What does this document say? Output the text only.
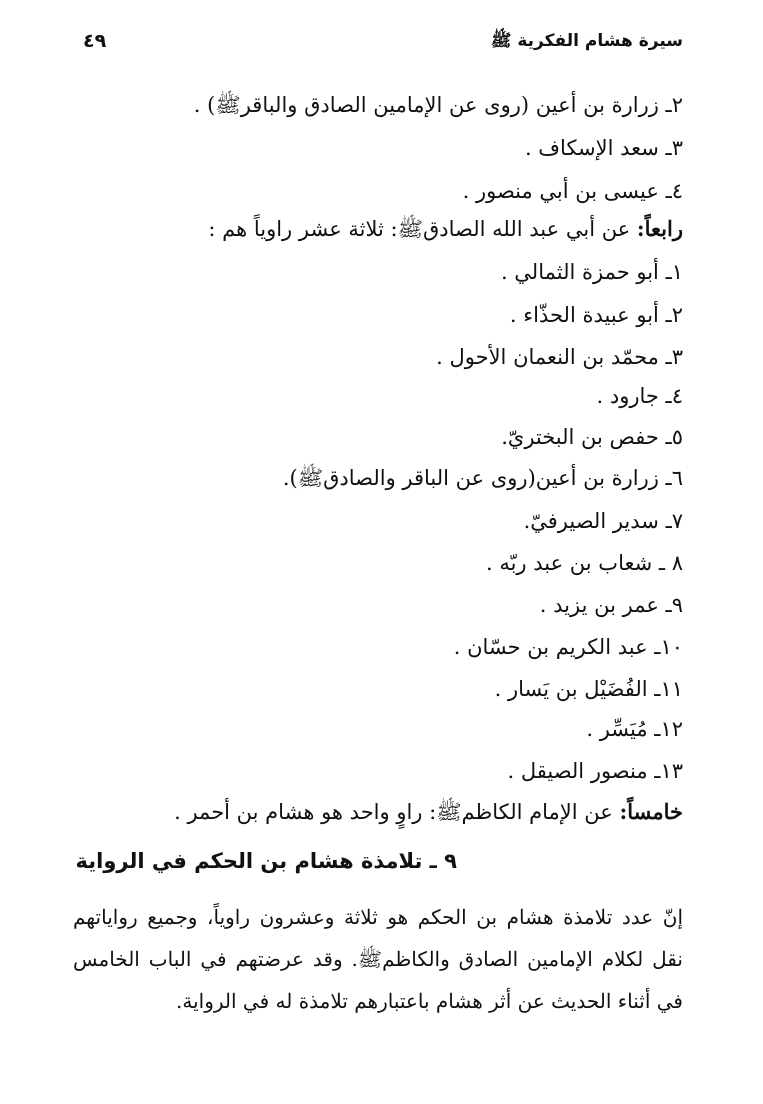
سيرة هشام الفكرية ﷺ
٤٩
٢ـ زرارة بن أعين (روى عن الإمامين الصادق والباقرﷺ) .
٣ـ سعد الإسكاف .
٤ـ عيسى بن أبي منصور .
رابعاً: عن أبي عبد الله الصادقﷺ: ثلاثة عشر راوياً هم :
١ـ أبو حمزة الثمالي .
٢ـ أبو عبيدة الحذّاء .
٣ـ محمّد بن النعمان الأحول .
٤ـ جارود .
٥ـ حفص بن البختريّ.
٦ـ زرارة بن أعين(روى عن الباقر والصادقﷺ).
٧ـ سدير الصيرفيّ.
٨ ـ شعاب بن عبد ربّه .
٩ـ عمر بن يزيد .
١٠ـ عبد الكريم بن حسّان .
١١ـ الفُضَيْل بن يَسار .
١٢ـ مُيَسِّر .
١٣ـ منصور الصيقل .
خامساً: عن الإمام الكاظمﷺ: راوٍ واحد هو هشام بن أحمر .
٩ ـ تلامذة هشام بن الحكم في الرواية
إنّ عدد تلامذة هشام بن الحكم هو ثلاثة وعشرون راوياً، وجميع رواياتهم نقل لكلام الإمامين الصادق والكاظمﷺ. وقد عرضتهم في الباب الخامس في أثناء الحديث عن أثر هشام باعتبارهم تلامذة له في الرواية.
